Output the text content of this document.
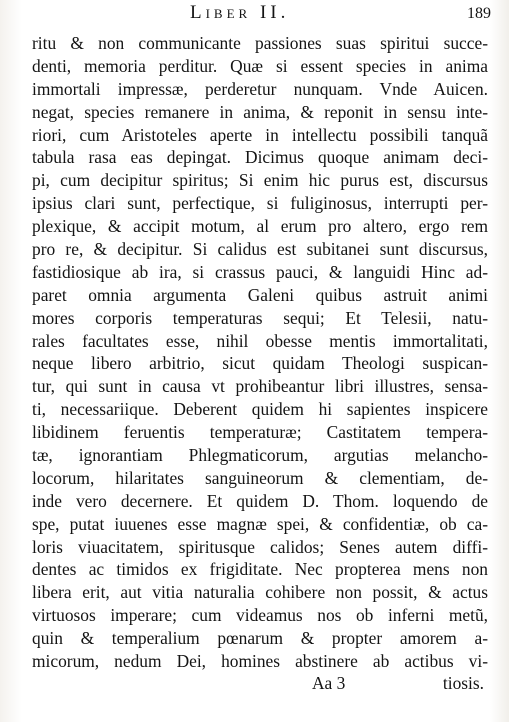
Liber II.	189
ritu & non communicante passiones suas spiritui succe-
denti, memoria perditur. Quæ si essent species in anima
immortali impressæ, perderetur nunquam. Vnde Auicen.
negat, species remanere in anima, & reponit in sensu inte-
riori, cum Aristoteles aperte in intellectu possibili tanquã
tabula rasa eas depingat. Dicimus quoque animam deci-
pi, cum decipitur spiritus; Si enim hic purus est, discursus
ipsius clari sunt, perfectique, si fuliginosus, interrupti per-
plexique, & accipit motum, al erum pro altero, ergo rem
pro re, & decipitur. Si calidus est subitanei sunt discursus,
fastidiosique ab ira, si crassus pauci, & languidi Hinc ad-
paret omnia argumenta Galeni quibus astruit animi
mores corporis temperaturas sequi; Et Telesii, natu-
rales facultates esse, nihil obesse mentis immortalitati,
neque libero arbitrio, sicut quidam Theologi suspican-
tur, qui sunt in causa vt prohibeantur libri illustres, sensa-
ti, necessariique. Deberent quidem hi sapientes inspicere
libidinem feruentis temperaturæ; Castitatem tempera-
tæ, ignorantiam Phlegmaticorum, argutias melancho-
locorum, hilaritates sanguineorum & clementiam, de-
inde vero decernere. Et quidem D. Thom. loquendo de
spe, putat iuuenes esse magnæ spei, & confidentiæ, ob ca-
loris viuacitatem, spiritusque calidos; Senes autem diffi-
dentes ac timidos ex frigiditate. Nec propterea mens non
libera erit, aut vitia naturalia cohibere non possit, & actus
virtuosos imperare; cum videamus nos ob inferni metũ,
quin & temperalium pœnarum & propter amorem a-
micorum, nedum Dei, homines abstinere ab actibus vi-
Aa 3	tiosis.
